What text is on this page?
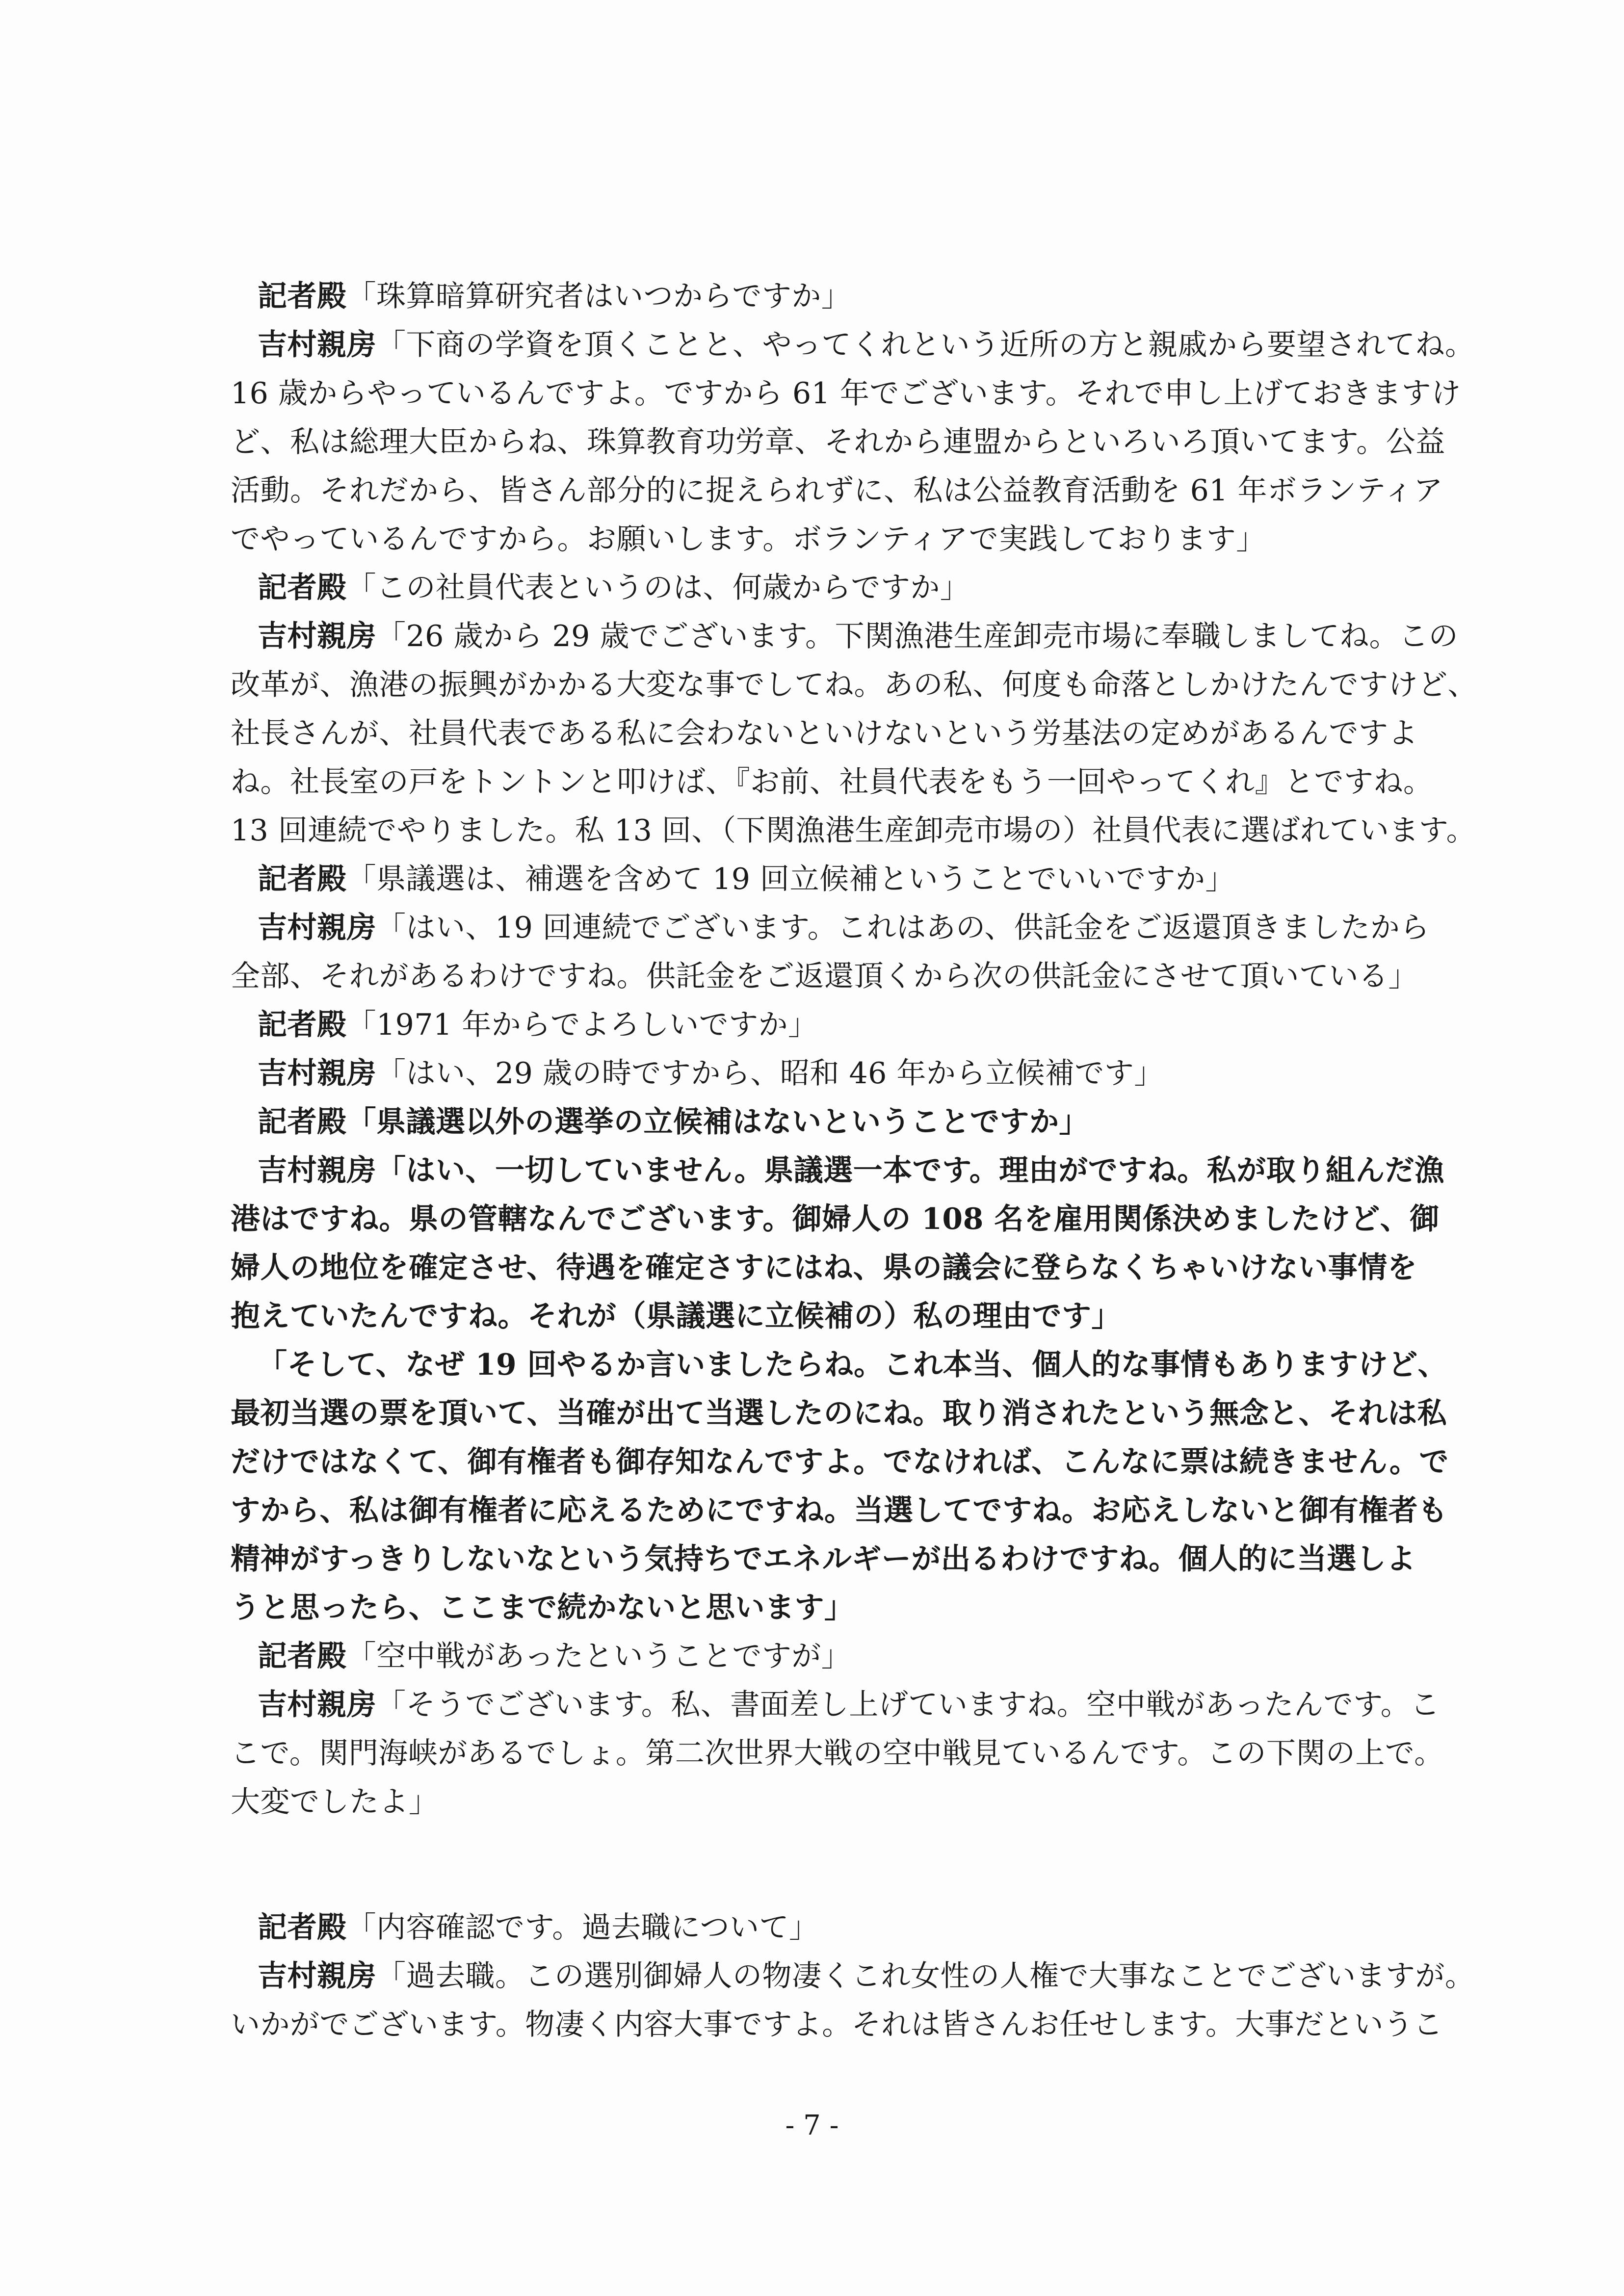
記者殿「珠算暗算研究者はいつからですか」
吉村親房「下商の学資を頂くことと、やってくれという近所の方と親戚から要望されてね。
16 歳からやっているんですよ。ですから 61 年でございます。それで申し上げておきますけ
ど、私は総理大臣からね、珠算教育功労章、それから連盟からといろいろ頂いてます。公益
活動。それだから、皆さん部分的に捉えられずに、私は公益教育活動を 61 年ボランティア
でやっているんですから。お願いします。ボランティアで実践しております」
記者殿「この社員代表というのは、何歳からですか」
吉村親房「26 歳から 29 歳でございます。下関漁港生産卸売市場に奉職しましてね。この
改革が、漁港の振興がかかる大変な事でしてね。あの私、何度も命落としかけたんですけど、
社長さんが、社員代表である私に会わないといけないという労基法の定めがあるんですよ
ね。社長室の戸をトントンと叩けば、『お前、社員代表をもう一回やってくれ』とですね。
13 回連続でやりました。私 13 回、（下関漁港生産卸売市場の）社員代表に選ばれています。
記者殿「県議選は、補選を含めて 19 回立候補ということでいいですか」
吉村親房「はい、19 回連続でございます。これはあの、供託金をご返還頂きましたから
全部、それがあるわけですね。供託金をご返還頂くから次の供託金にさせて頂いている」
記者殿「1971 年からでよろしいですか」
吉村親房「はい、29 歳の時ですから、昭和 46 年から立候補です」
記者殿「県議選以外の選挙の立候補はないということですか」
吉村親房「はい、一切していません。県議選一本です。理由がですね。私が取り組んだ漁
港はですね。県の管轄なんでございます。御婦人の 108 名を雇用関係決めましたけど、御
婦人の地位を確定させ、待遇を確定さすにはね、県の議会に登らなくちゃいけない事情を
抱えていたんですね。それが（県議選に立候補の）私の理由です」
「そして、なぜ 19 回やるか言いましたらね。これ本当、個人的な事情もありますけど、
最初当選の票を頂いて、当確が出て当選したのにね。取り消されたという無念と、それは私
だけではなくて、御有権者も御存知なんですよ。でなければ、こんなに票は続きません。で
すから、私は御有権者に応えるためにですね。当選してですね。お応えしないと御有権者も
精神がすっきりしないなという気持ちでエネルギーが出るわけですね。個人的に当選しよ
うと思ったら、ここまで続かないと思います」
記者殿「空中戦があったということですが」
吉村親房「そうでございます。私、書面差し上げていますね。空中戦があったんです。こ
こで。関門海峡があるでしょ。第二次世界大戦の空中戦見ているんです。この下関の上で。
大変でしたよ」
記者殿「内容確認です。過去職について」
吉村親房「過去職。この選別御婦人の物凄くこれ女性の人権で大事なことでございますが。
いかがでございます。物凄く内容大事ですよ。それは皆さんお任せします。大事だというこ
- 7 -
